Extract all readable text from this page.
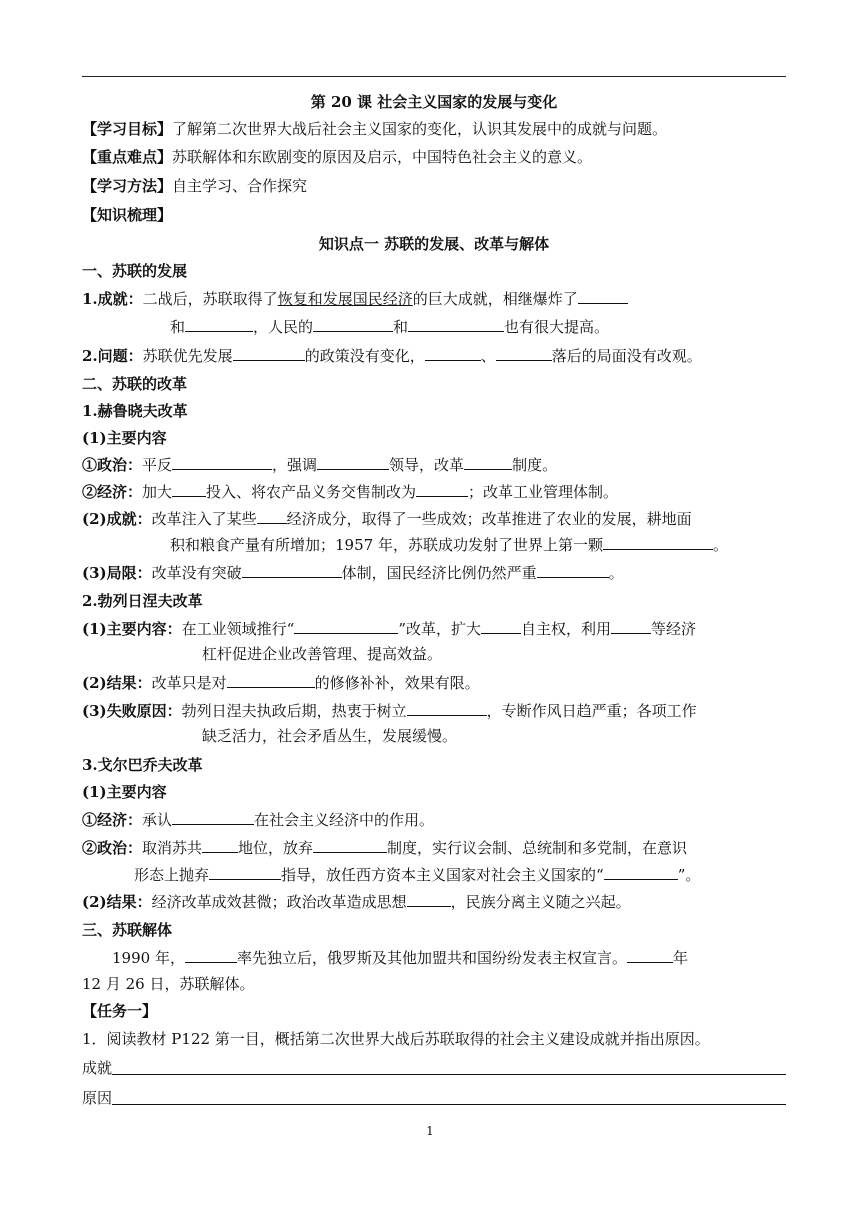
第 20 课 社会主义国家的发展与变化
【学习目标】了解第二次世界大战后社会主义国家的变化，认识其发展中的成就与问题。
【重点难点】苏联解体和东欧剧变的原因及启示，中国特色社会主义的意义。
【学习方法】自主学习、合作探究
【知识梳理】
知识点一 苏联的发展、改革与解体
一、苏联的发展
1.成就：二战后，苏联取得了恢复和发展国民经济的巨大成就，相继爆炸了
和	，人民的	和	也有很大提高。
2.问题：苏联优先发展	的政策没有变化，	、	落后的局面没有改观。
二、苏联的改革
1.赫鲁晓夫改革
(1)主要内容
①政治：平反	，强调	领导，改革	制度。
②经济：加大 投入、将农产品义务交售制改为	；改革工业管理体制。
(2)成就：改革注入了某些 经济成分，取得了一些成效；改革推进了农业的发展，耕地面
积和粮食产量有所增加；1957 年，苏联成功发射了世界上第一颗	。
(3)局限：改革没有突破	体制，国民经济比例仍然严重	。
2.勃列日涅夫改革
(1)主要内容：在工业领域推行“	”改革，扩大	自主权，利用	等经济
杠杆促进企业改善管理、提高效益。
(2)结果：改革只是对	的修修补补，效果有限。
(3)失败原因：勃列日涅夫执政后期，热衷于树立	，专断作风日趋严重；各项工作
缺乏活力，社会矛盾丛生，发展缓慢。
3.戈尔巴乔夫改革
(1)主要内容
①经济：承认	在社会主义经济中的作用。
②政治：取消苏共 地位，放弃	制度，实行议会制、总统制和多党制，在意识
形态上抛弃	指导，放任西方资本主义国家对社会主义国家的“	”。
(2)结果：经济改革成效甚微；政治改革造成思想	，民族分离主义随之兴起。
三、苏联解体
1990 年，	率先独立后，俄罗斯及其他加盟共和国纷纷发表主权宣言。	年
12 月 26 日，苏联解体。
【任务一】
1．阅读教材 P122 第一目，概括第二次世界大战后苏联取得的社会主义建设成就并指出原因。
成就
原因
1
